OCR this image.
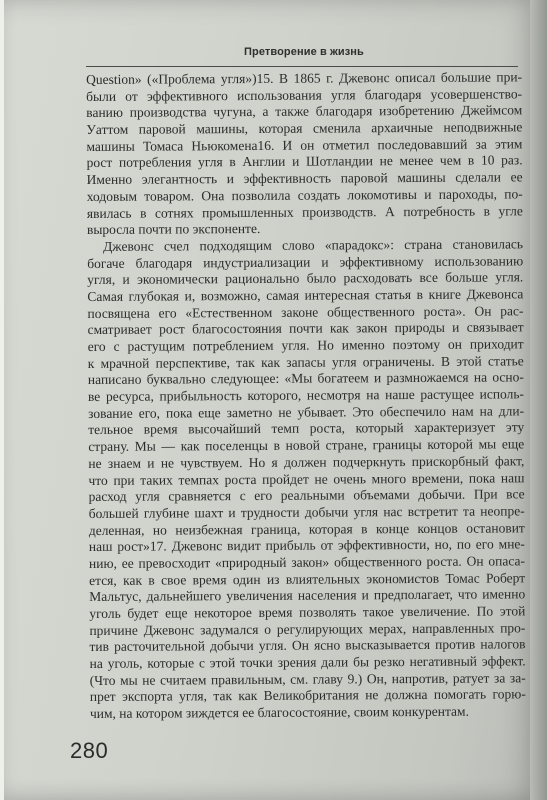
Претворение в жизнь
Question» («Проблема угля»)15. В 1865 г. Джевонс описал большие при-
были от эффективного использования угля благодаря усовершенство-
ванию производства чугуна, а также благодаря изобретению Джеймсом
Уаттом паровой машины, которая сменила архаичные неподвижные
машины Томаса Ньюкомена16. И он отметил последовавший за этим
рост потребления угля в Англии и Шотландии не менее чем в 10 раз.
Именно элегантность и эффективность паровой машины сделали ее
ходовым товаром. Она позволила создать локомотивы и пароходы, по-
явилась в сотнях промышленных производств. А потребность в угле
выросла почти по экспоненте.
Джевонс счел подходящим слово «парадокс»: страна становилась
богаче благодаря индустриализации и эффективному использованию
угля, и экономически рационально было расходовать все больше угля.
Самая глубокая и, возможно, самая интересная статья в книге Джевонса
посвящена его «Естественном законе общественного роста». Он рас-
сматривает рост благосостояния почти как закон природы и связывает
его с растущим потреблением угля. Но именно поэтому он приходит
к мрачной перспективе, так как запасы угля ограничены. В этой статье
написано буквально следующее: «Мы богатеем и размножаемся на осно-
ве ресурса, прибыльность которого, несмотря на наше растущее исполь-
зование его, пока еще заметно не убывает. Это обеспечило нам на дли-
тельное время высочайший темп роста, который характеризует эту
страну. Мы — как поселенцы в новой стране, границы которой мы еще
не знаем и не чувствуем. Но я должен подчеркнуть прискорбный факт,
что при таких темпах роста пройдет не очень много времени, пока наш
расход угля сравняется с его реальными объемами добычи. При все
большей глубине шахт и трудности добычи угля нас встретит та неопре-
деленная, но неизбежная граница, которая в конце концов остановит
наш рост»17. Джевонс видит прибыль от эффективности, но, по его мне-
нию, ее превосходит «природный закон» общественного роста. Он опаса-
ется, как в свое время один из влиятельных экономистов Томас Роберт
Мальтус, дальнейшего увеличения населения и предполагает, что именно
уголь будет еще некоторое время позволять такое увеличение. По этой
причине Джевонс задумался о регулирующих мерах, направленных про-
тив расточительной добычи угля. Он ясно высказывается против налогов
на уголь, которые с этой точки зрения дали бы резко негативный эффект.
(Что мы не считаем правильным, см. главу 9.) Он, напротив, ратует за за-
прет экспорта угля, так как Великобритания не должна помогать горю-
чим, на котором зиждется ее благосостояние, своим конкурентам.
280
